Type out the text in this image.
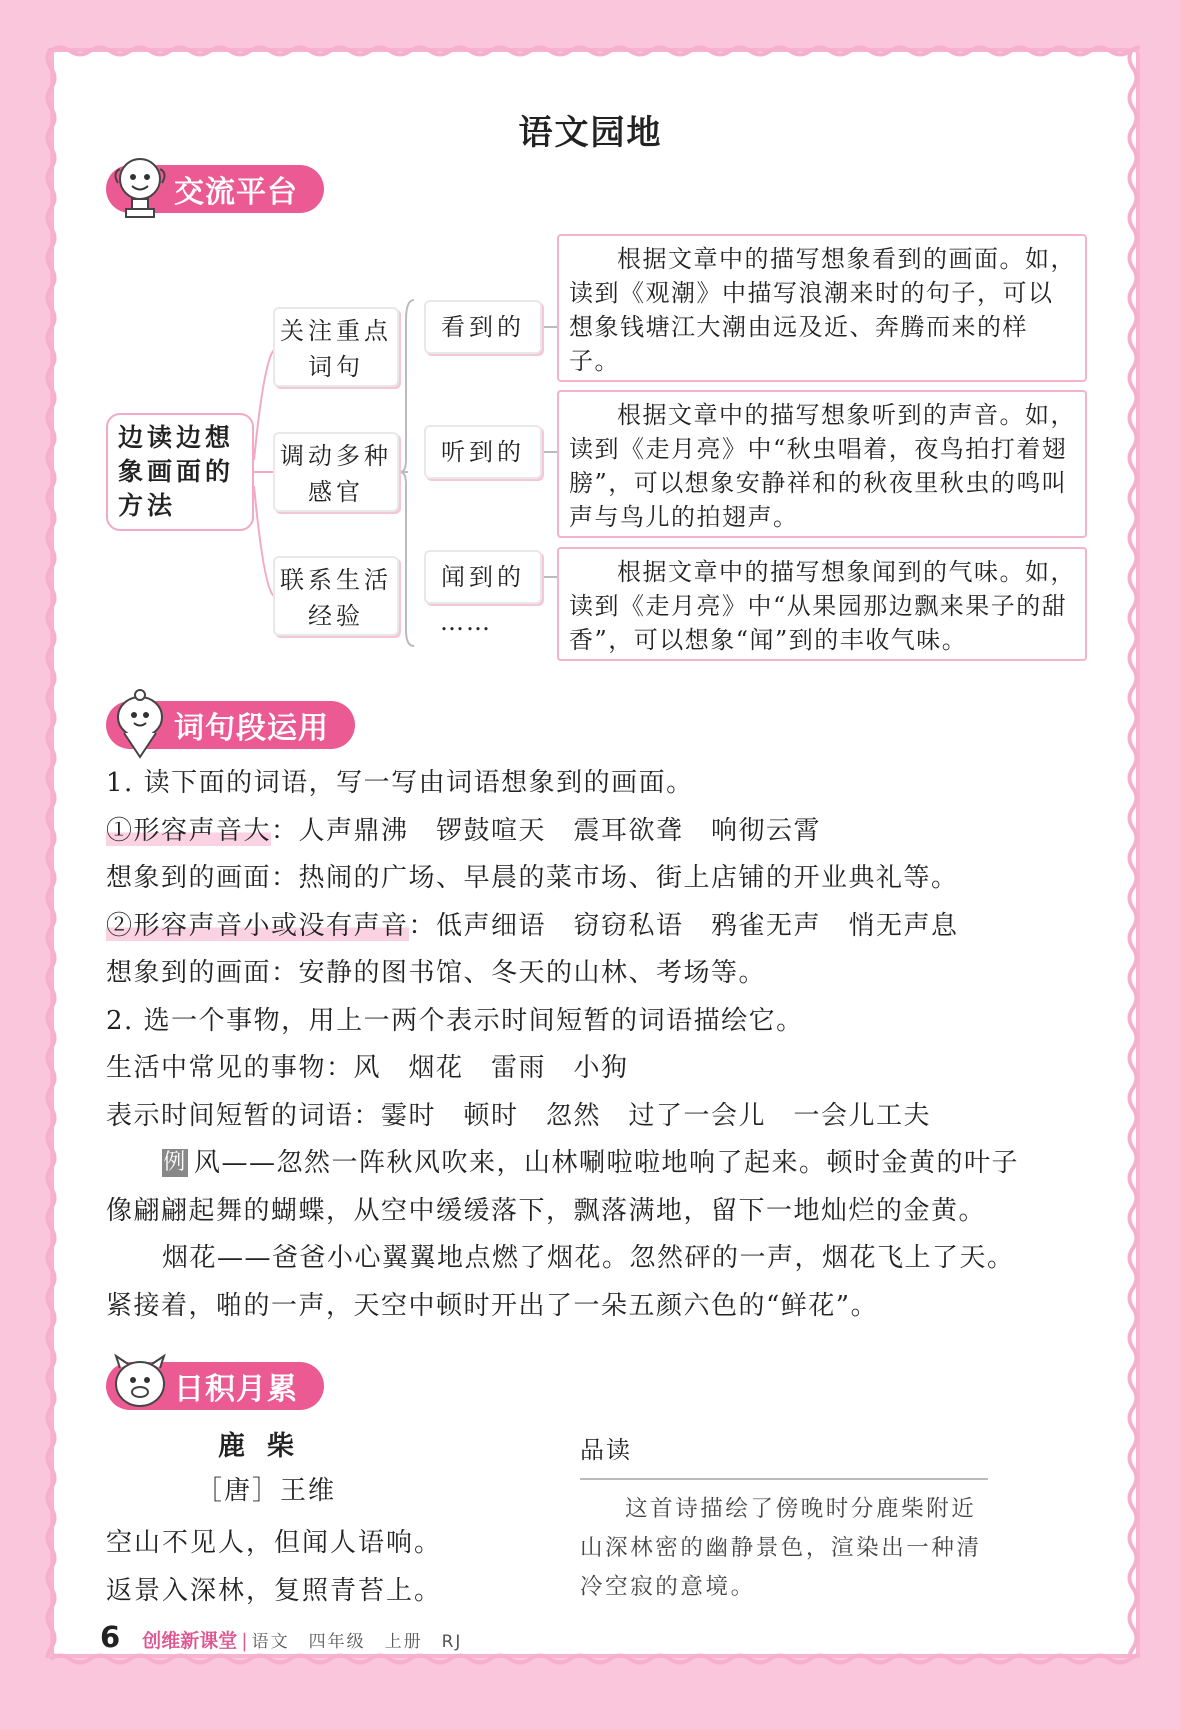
语文园地
交流平台
边读边想象画面的方法
关注重点词句
调动多种感官
联系生活经验
看到的
听到的
闻到的
……

根据文章中的描写想象看到的画面。如，读到《观潮》中描写浪潮来时的句子，可以想象钱塘江大潮由远及近、奔腾而来的样子。

根据文章中的描写想象听到的声音。如，读到《走月亮》中“秋虫唱着，夜鸟拍打着翅膀”，可以想象安静祥和的秋夜里秋虫的鸣叫声与鸟儿的拍翅声。

根据文章中的描写想象闻到的气味。如，读到《走月亮》中“从果园那边飘来果子的甜香”，可以想象“闻”到的丰收气味。

词句段运用
1. 读下面的词语，写一写由词语想象到的画面。
①形容声音大：人声鼎沸　锣鼓喧天　震耳欲聋　响彻云霄
想象到的画面：热闹的广场、早晨的菜市场、街上店铺的开业典礼等。
②形容声音小或没有声音：低声细语　窃窃私语　鸦雀无声　悄无声息
想象到的画面：安静的图书馆、冬天的山林、考场等。
2. 选一个事物，用上一两个表示时间短暂的词语描绘它。
生活中常见的事物：风　烟花　雷雨　小狗
表示时间短暂的词语：霎时　顿时　忽然　过了一会儿　一会儿工夫
例 风——忽然一阵秋风吹来，山林唰啦啦地响了起来。顿时金黄的叶子
像翩翩起舞的蝴蝶，从空中缓缓落下，飘落满地，留下一地灿烂的金黄。
烟花——爸爸小心翼翼地点燃了烟花。忽然砰的一声，烟花飞上了天。
紧接着，啪的一声，天空中顿时开出了一朵五颜六色的“鲜花”。
日积月累
鹿柴
［唐］王维
空山不见人，但闻人语响。
返景入深林，复照青苔上。
品读

这首诗描绘了傍晚时分鹿柴附近山深林密的幽静景色，渲染出一种清冷空寂的意境。

6 创维新课堂 | 语文　四年级　上册　RJ
